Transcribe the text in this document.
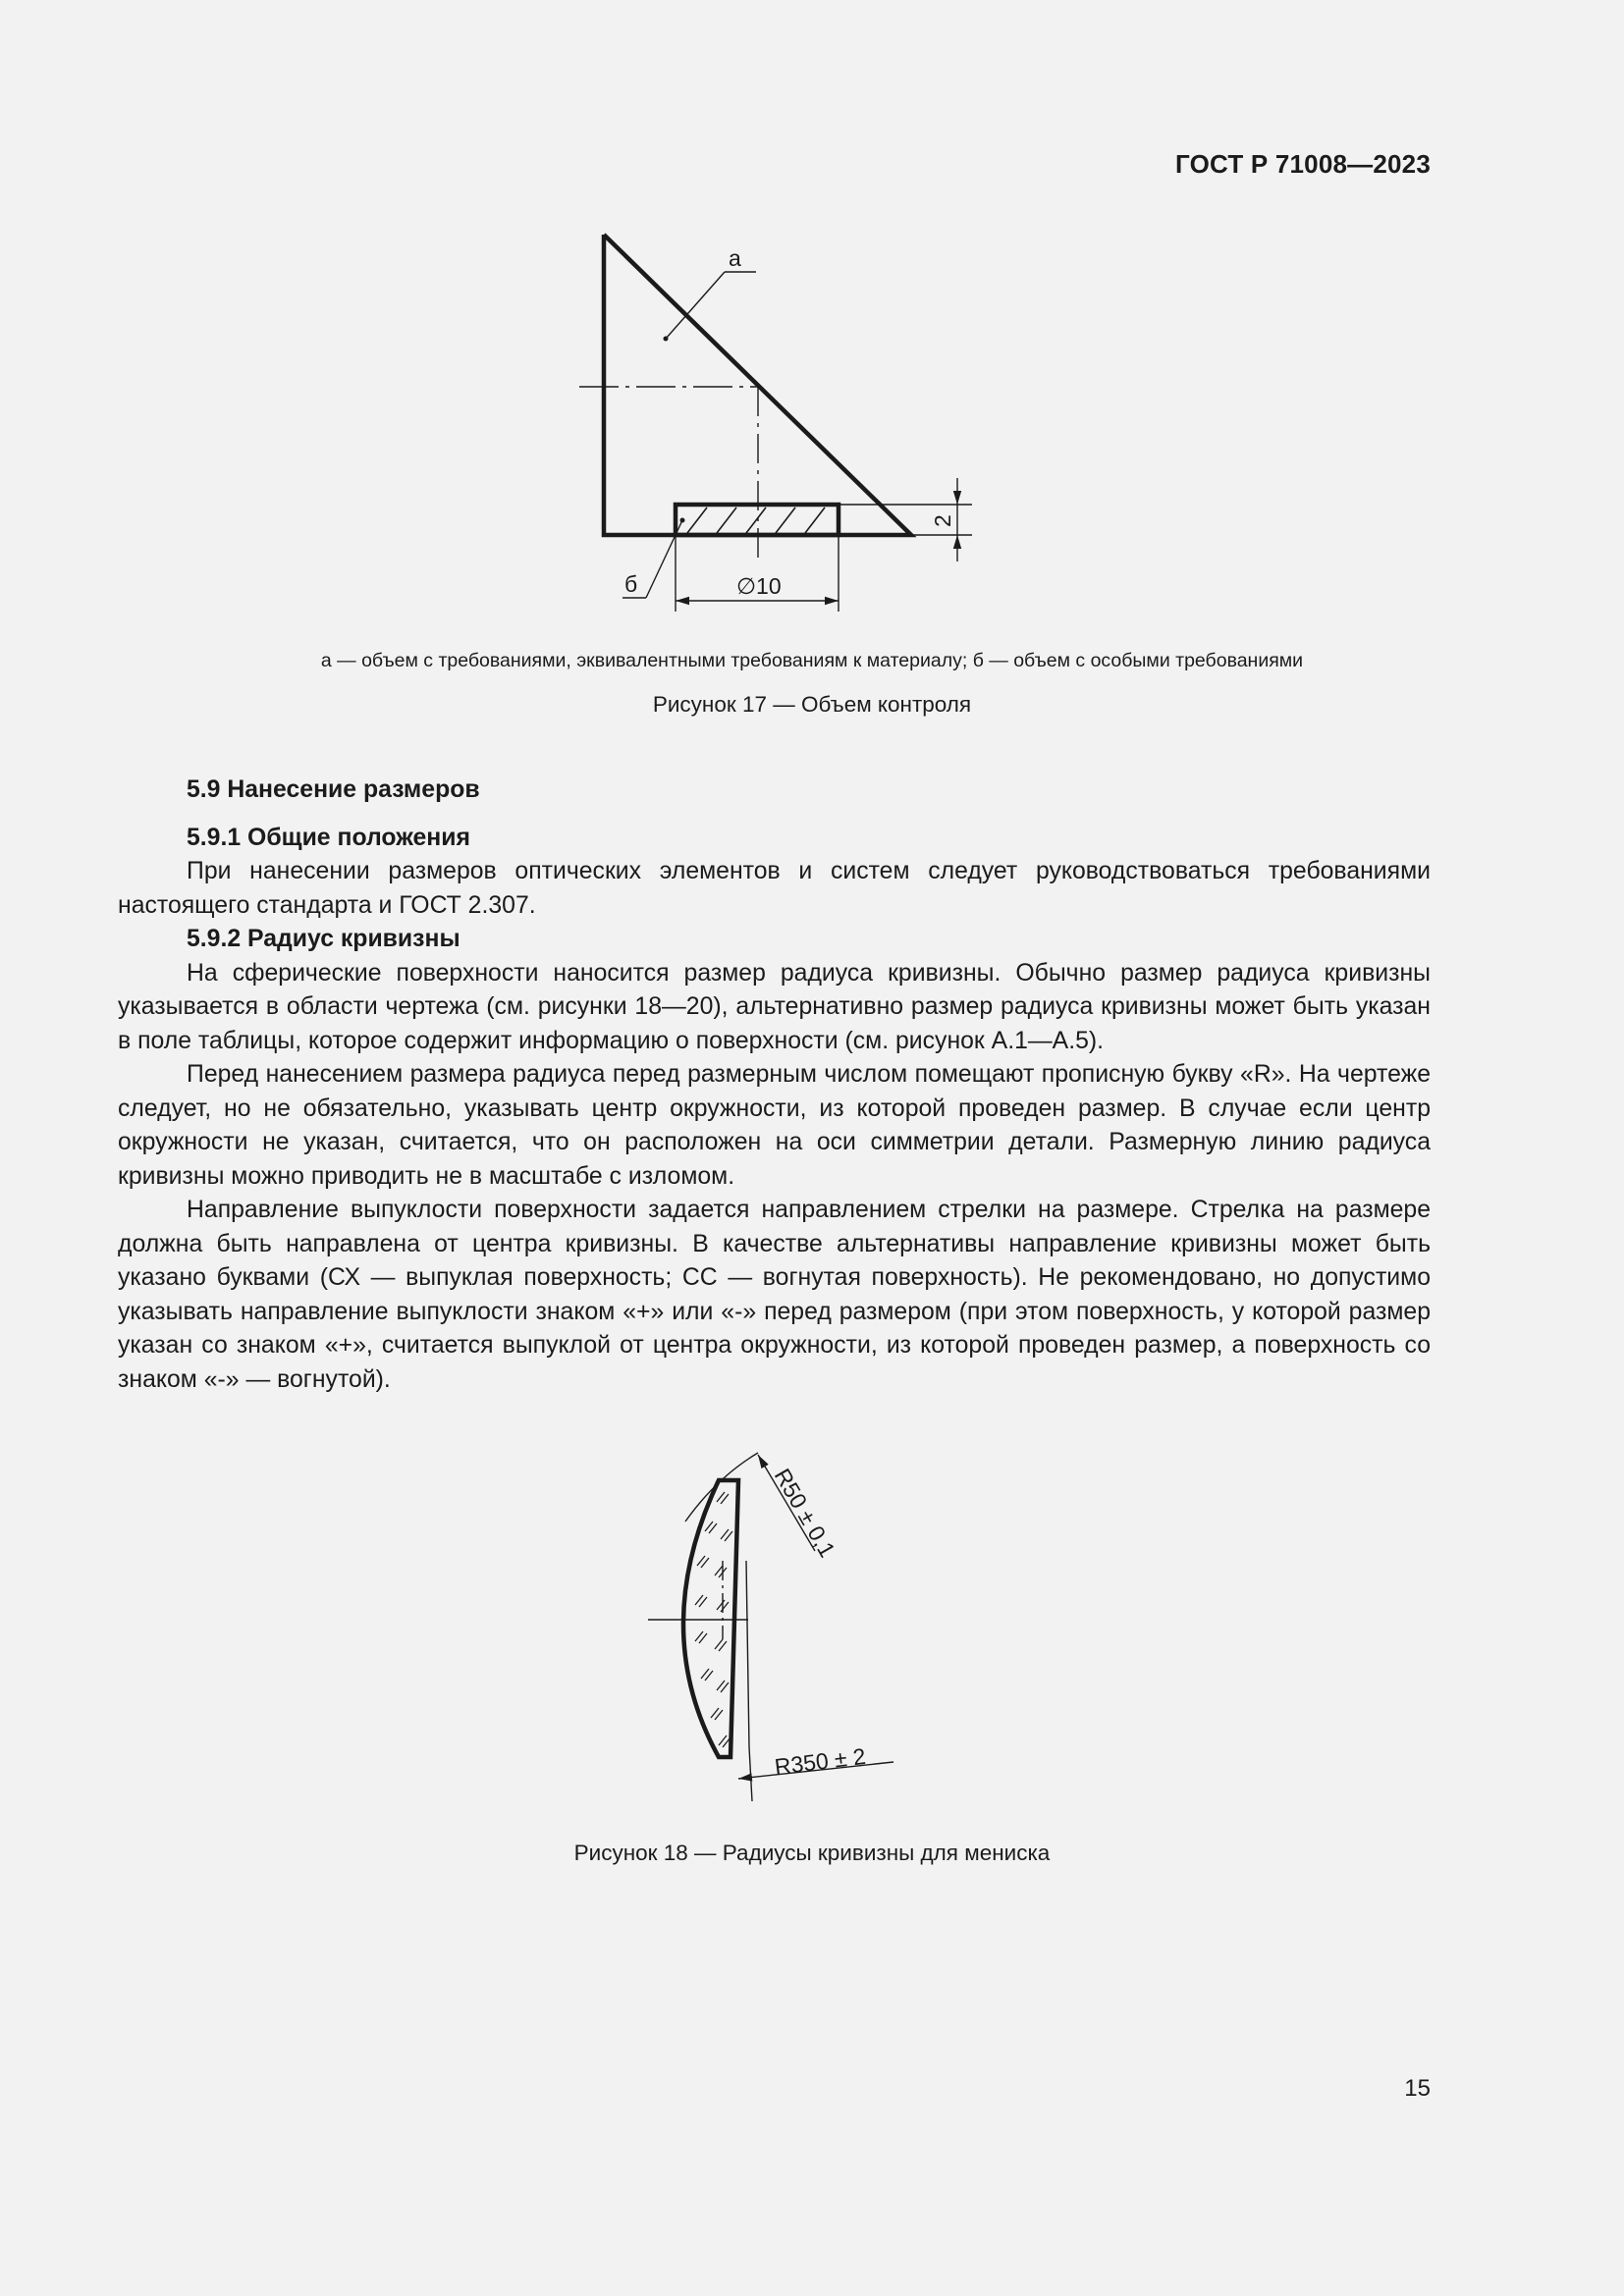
ГОСТ Р 71008—2023
а
б	∅10
2
а — объем с требованиями, эквивалентными требованиям к материалу; б — объем с особыми требованиями
Рисунок 17 — Объем контроля
5.9 Нанесение размеров
5.9.1 Общие положения

При нанесении размеров оптических элементов и систем следует руководствоваться требованиями настоящего стандарта и ГОСТ 2.307.

5.9.2 Радиус кривизны

На сферические поверхности наносится размер радиуса кривизны. Обычно размер радиуса кривизны указывается в области чертежа (см. рисунки 18—20), альтернативно размер радиуса кривизны может быть указан в поле таблицы, которое содержит информацию о поверхности (см. рисунок А.1—А.5).

Перед нанесением размера радиуса перед размерным числом помещают прописную букву «R». На чертеже следует, но не обязательно, указывать центр окружности, из которой проведен размер. В случае если центр окружности не указан, считается, что он расположен на оси симметрии детали. Размерную линию радиуса кривизны можно приводить не в масштабе с изломом.

Направление выпуклости поверхности задается направлением стрелки на размере. Стрелка на размере должна быть направлена от центра кривизны. В качестве альтернативы направление кривизны может быть указано буквами (СХ — выпуклая поверхность; СС — вогнутая поверхность). Не рекомендовано, но допустимо указывать направление выпуклости знаком «+» или «-» перед размером (при этом поверхность, у которой размер указан со знаком «+», считается выпуклой от центра окружности, из которой проведен размер, а поверхность со знаком «-» — вогнутой).

R50 ± 0,1
R350 ± 2
Рисунок 18 — Радиусы кривизны для мениска
15
